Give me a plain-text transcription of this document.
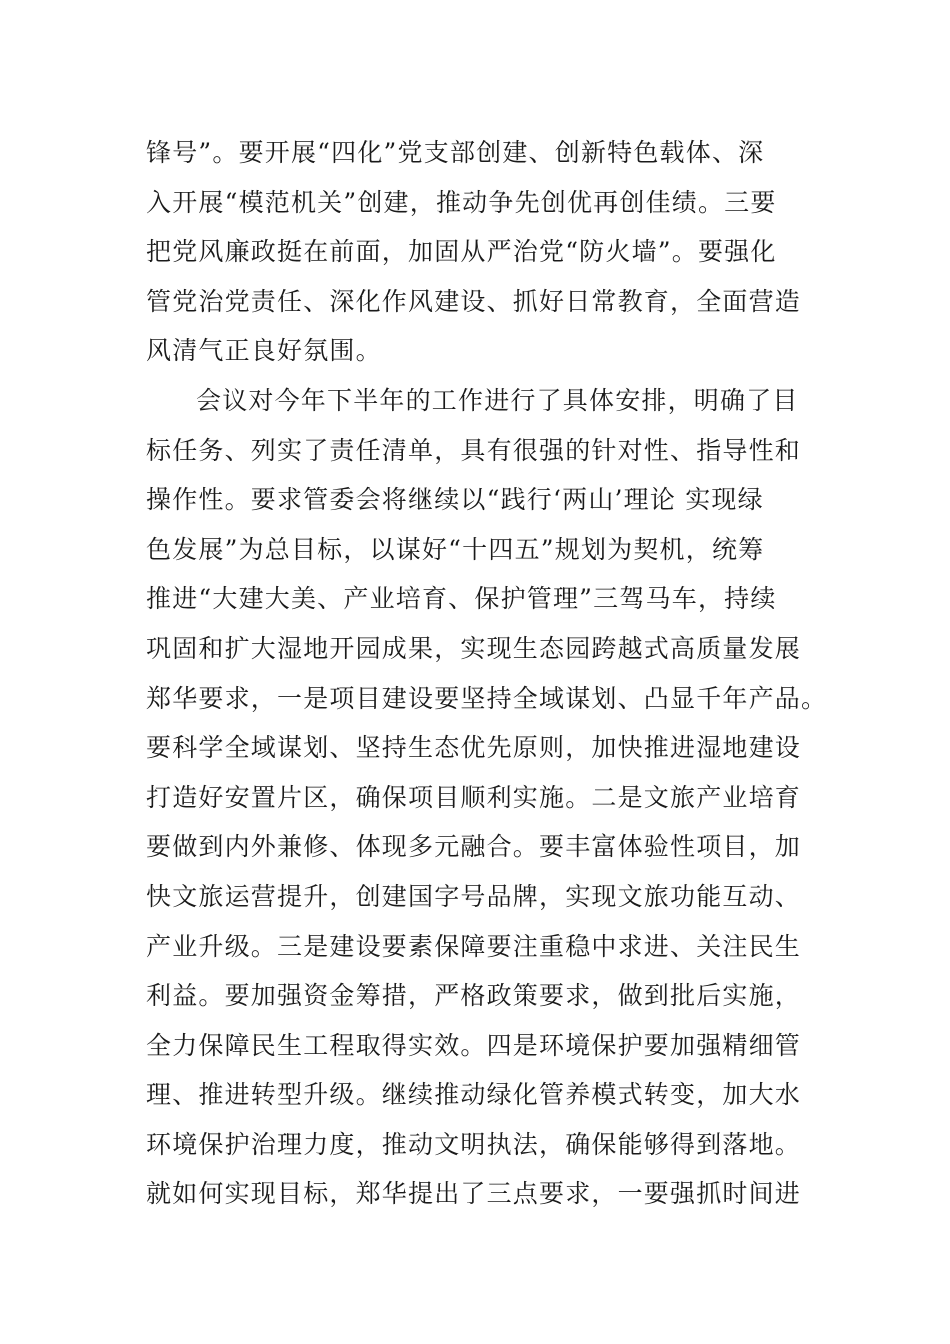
锋号”。要开展“四化”党支部创建、创新特色载体、深
入开展“模范机关”创建，推动争先创优再创佳绩。三要
把党风廉政挺在前面，加固从严治党“防火墙”。要强化
管党治党责任、深化作风建设、抓好日常教育，全面营造
风清气正良好氛围。
会议对今年下半年的工作进行了具体安排，明确了目
标任务、列实了责任清单，具有很强的针对性、指导性和
操作性。要求管委会将继续以“践行‘两山’理论 实现绿
色发展”为总目标，以谋好“十四五”规划为契机，统筹
推进“大建大美、产业培育、保护管理”三驾马车，持续
巩固和扩大湿地开园成果，实现生态园跨越式高质量发展
郑华要求，一是项目建设要坚持全域谋划、凸显千年产品。
要科学全域谋划、坚持生态优先原则，加快推进湿地建设
打造好安置片区，确保项目顺利实施。二是文旅产业培育
要做到内外兼修、体现多元融合。要丰富体验性项目，加
快文旅运营提升，创建国字号品牌，实现文旅功能互动、
产业升级。三是建设要素保障要注重稳中求进、关注民生
利益。要加强资金筹措，严格政策要求，做到批后实施，
全力保障民生工程取得实效。四是环境保护要加强精细管
理、推进转型升级。继续推动绿化管养模式转变，加大水
环境保护治理力度，推动文明执法，确保能够得到落地。
就如何实现目标，郑华提出了三点要求，一要强抓时间进
